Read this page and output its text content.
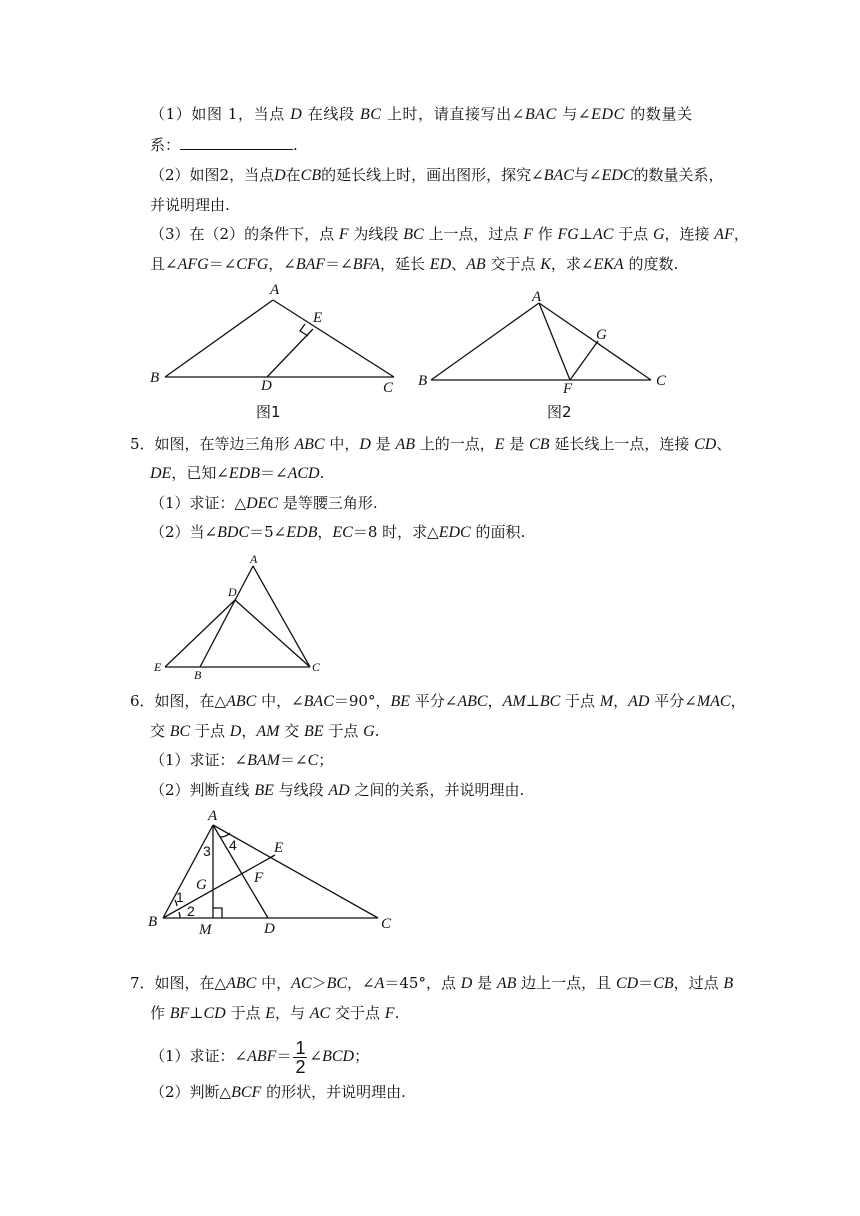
（1）如图 1，当点 D 在线段 BC 上时，请直接写出∠BAC 与∠EDC 的数量关
系：	.
（2）如图2，当点D在CB的延长线上时，画出图形，探究∠BAC与∠EDC的数量关系，
并说明理由.
（3）在（2）的条件下，点 F 为线段 BC 上一点，过点 F 作 FG⊥AC 于点 G，连接 AF，
且∠AFG＝∠CFG，∠BAF＝∠BFA，延长 ED、AB 交于点 K，求∠EKA 的度数.
A
B
C
D
E
图1
A
B	C
F
G
图2
A
B
C
D
E
A
B	C
D
E
F
G
M
1
2
3 4
5．如图，在等边三角形 ABC 中，D 是 AB 上的一点，E 是 CB 延长线上一点，连接 CD、
DE，已知∠EDB＝∠ACD.
（1）求证：△DEC 是等腰三角形.
（2）当∠BDC＝5∠EDB，EC＝8 时，求△EDC 的面积.
6．如图，在△ABC 中，∠BAC＝90°，BE 平分∠ABC，AM⊥BC 于点 M，AD 平分∠MAC，
交 BC 于点 D，AM 交 BE 于点 G.
（1）求证：∠BAM＝∠C；
（2）判断直线 BE 与线段 AD 之间的关系，并说明理由.
7．如图，在△ABC 中，AC＞BC，∠A＝45°，点 D 是 AB 边上一点，且 CD＝CB，过点 B
作 BF⊥CD 于点 E，与 AC 交于点 F.
（1）求证：∠ABF＝ $\frac{1}{2}$ ∠BCD；
（2）判断△BCF 的形状，并说明理由.
